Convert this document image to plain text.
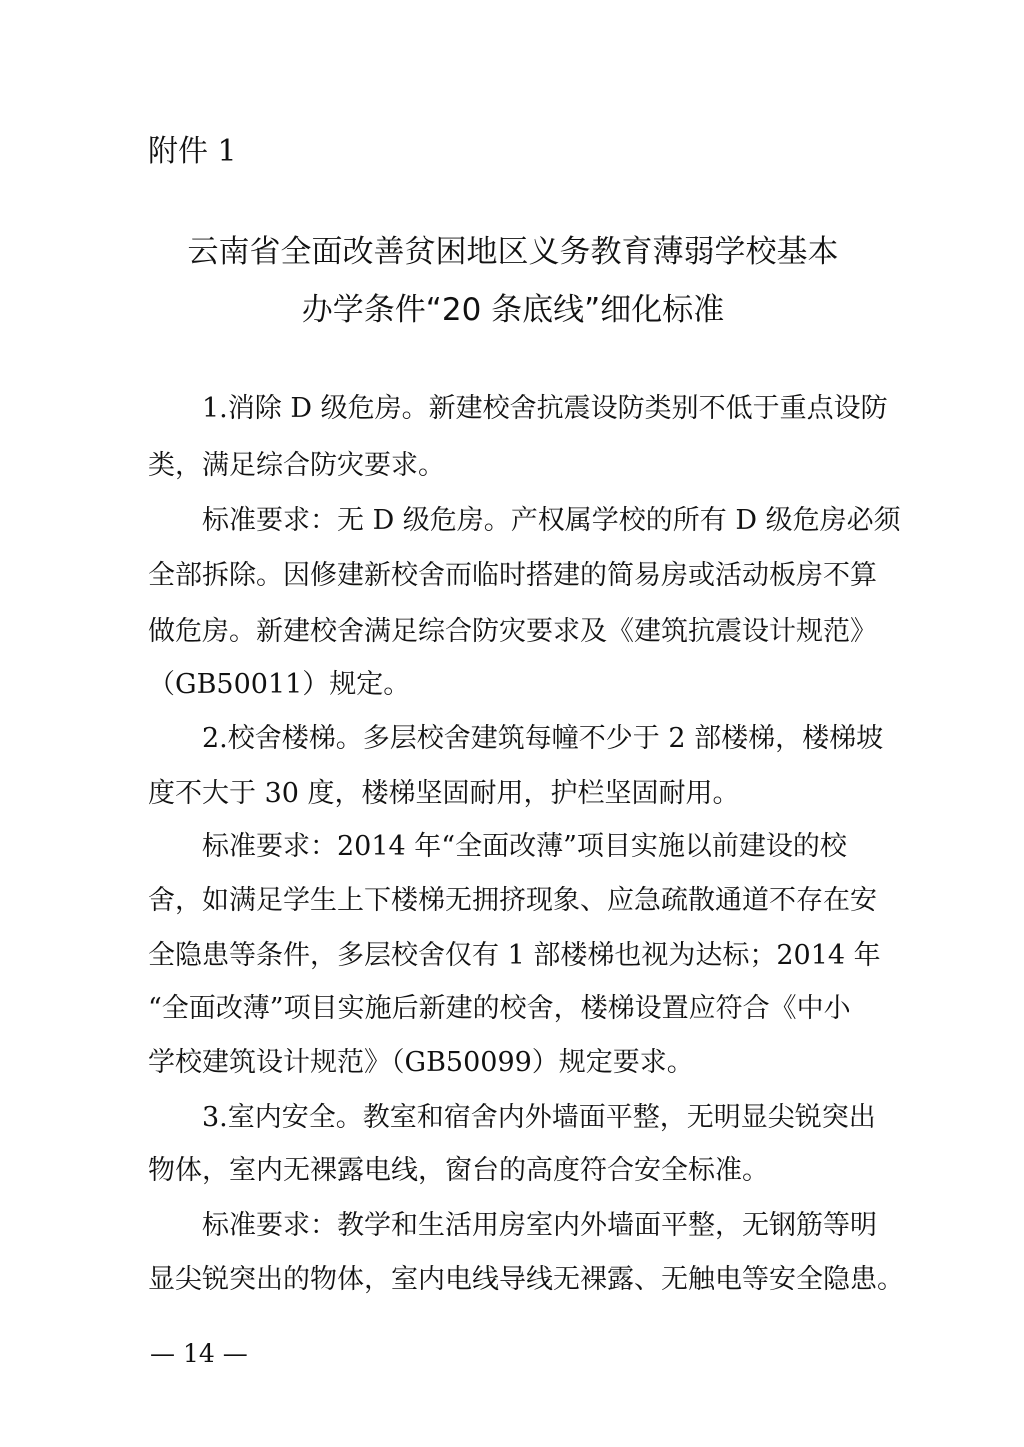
附件 1
云南省全面改善贫困地区义务教育薄弱学校基本
办学条件“20 条底线”细化标准
1.消除 D 级危房。新建校舍抗震设防类别不低于重点设防
类，满足综合防灾要求。
标准要求：无 D 级危房。产权属学校的所有 D 级危房必须
全部拆除。因修建新校舍而临时搭建的简易房或活动板房不算
做危房。新建校舍满足综合防灾要求及《建筑抗震设计规范》
（GB50011）规定。
2.校舍楼梯。多层校舍建筑每幢不少于 2 部楼梯，楼梯坡
度不大于 30 度，楼梯坚固耐用，护栏坚固耐用。
标准要求：2014 年“全面改薄”项目实施以前建设的校
舍，如满足学生上下楼梯无拥挤现象、应急疏散通道不存在安
全隐患等条件，多层校舍仅有 1 部楼梯也视为达标；2014 年
“全面改薄”项目实施后新建的校舍，楼梯设置应符合《中小
学校建筑设计规范》（GB50099）规定要求。
3.室内安全。教室和宿舍内外墙面平整，无明显尖锐突出
物体，室内无裸露电线，窗台的高度符合安全标准。
标准要求：教学和生活用房室内外墙面平整，无钢筋等明
显尖锐突出的物体，室内电线导线无裸露、无触电等安全隐患。
— 14 —
